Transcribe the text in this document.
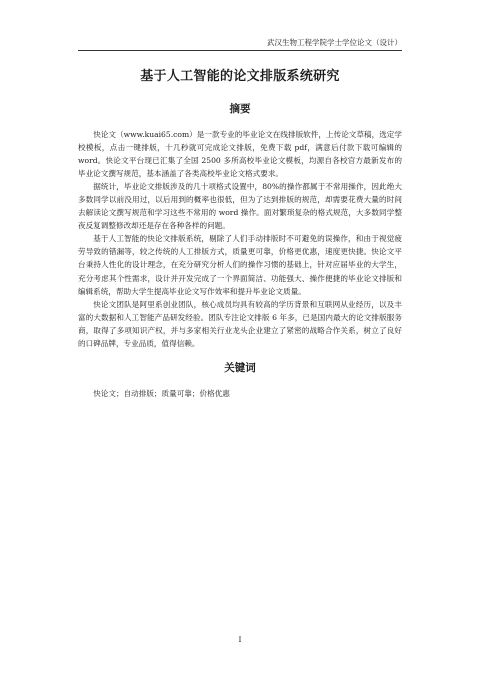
武汉生物工程学院学士学位论文（设计）
基于人工智能的论文排版系统研究
摘要

快论文（www.kuai65.com）是一款专业的毕业论文在线排版软件，上传论文草稿，选定学校模板，点击一键排版，十几秒就可完成论文排版，免费下载 pdf，满意后付款下载可编辑的 word。快论文平台现已汇集了全国 2500 多所高校毕业论文模板，均源自各校官方最新发布的毕业论文撰写规范，基本涵盖了各类高校毕业论文格式要求。

据统计，毕业论文排版涉及的几十项格式设置中，80%的操作都属于不常用操作，因此绝大多数同学以前没用过，以后用到的概率也很低，但为了达到排版的规范，却需要花费大量的时间去解读论文撰写规范和学习这些不常用的 word 操作。面对繁琐复杂的格式规范，大多数同学整夜反复调整修改却还是存在各种各样的问题。

基于人工智能的快论文排版系统，剔除了人们手动排版时不可避免的误操作，和由于视觉疲劳导致的错漏等，较之传统的人工排版方式，质量更可靠，价格更优惠，速度更快捷。快论文平台秉持人性化的设计理念，在充分研究分析人们的操作习惯的基础上，针对应届毕业的大学生，充分考虑其个性需求，设计并开发完成了一个界面简洁、功能强大、操作便捷的毕业论文排版和编辑系统，帮助大学生提高毕业论文写作效率和提升毕业论文质量。

快论文团队是阿里系创业团队，核心成员均具有较高的学历背景和互联网从业经历，以及丰富的大数据和人工智能产品研发经验。团队专注论文排版 6 年多，已是国内最大的论文排版服务商，取得了多项知识产权，并与多家相关行业龙头企业建立了紧密的战略合作关系，树立了良好的口碑品牌，专业品质，值得信赖。

关键词
快论文；自动排版；质量可靠；价格优惠
I
